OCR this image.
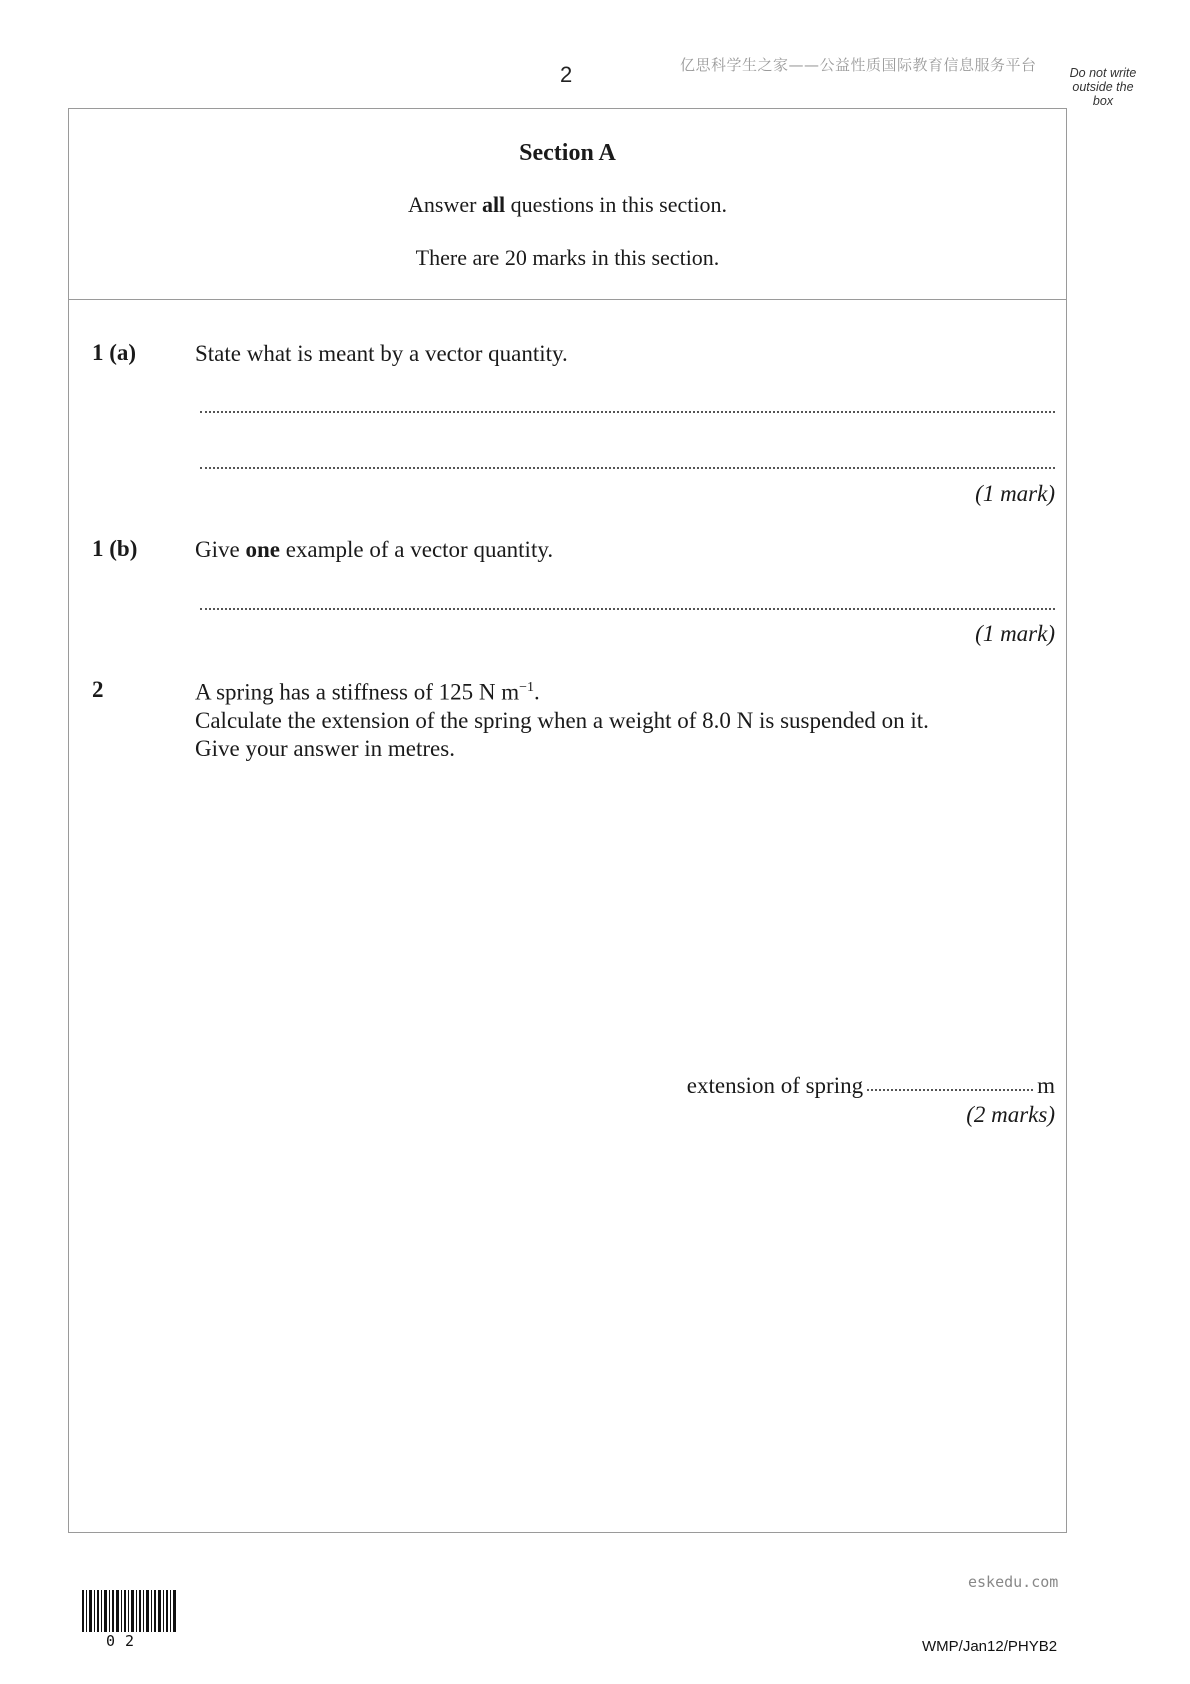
2	亿思科学生之家——公益性质国际教育信息服务平台	Do not write
outside the
box
Section A
Answer all questions in this section.
There are 20 marks in this section.
1 (a)	State what is meant by a vector quantity.
(1 mark)
1 (b)	Give one example of a vector quantity.
(1 mark)
2	A spring has a stiffness of 125 N $m^{-1}$.
Calculate the extension of the spring when a weight of 8.0 N is suspended on it.
Give your answer in metres.
extension of spring	m
(2 marks)
eskedu.com
02	WMP/Jan12/PHYB2
